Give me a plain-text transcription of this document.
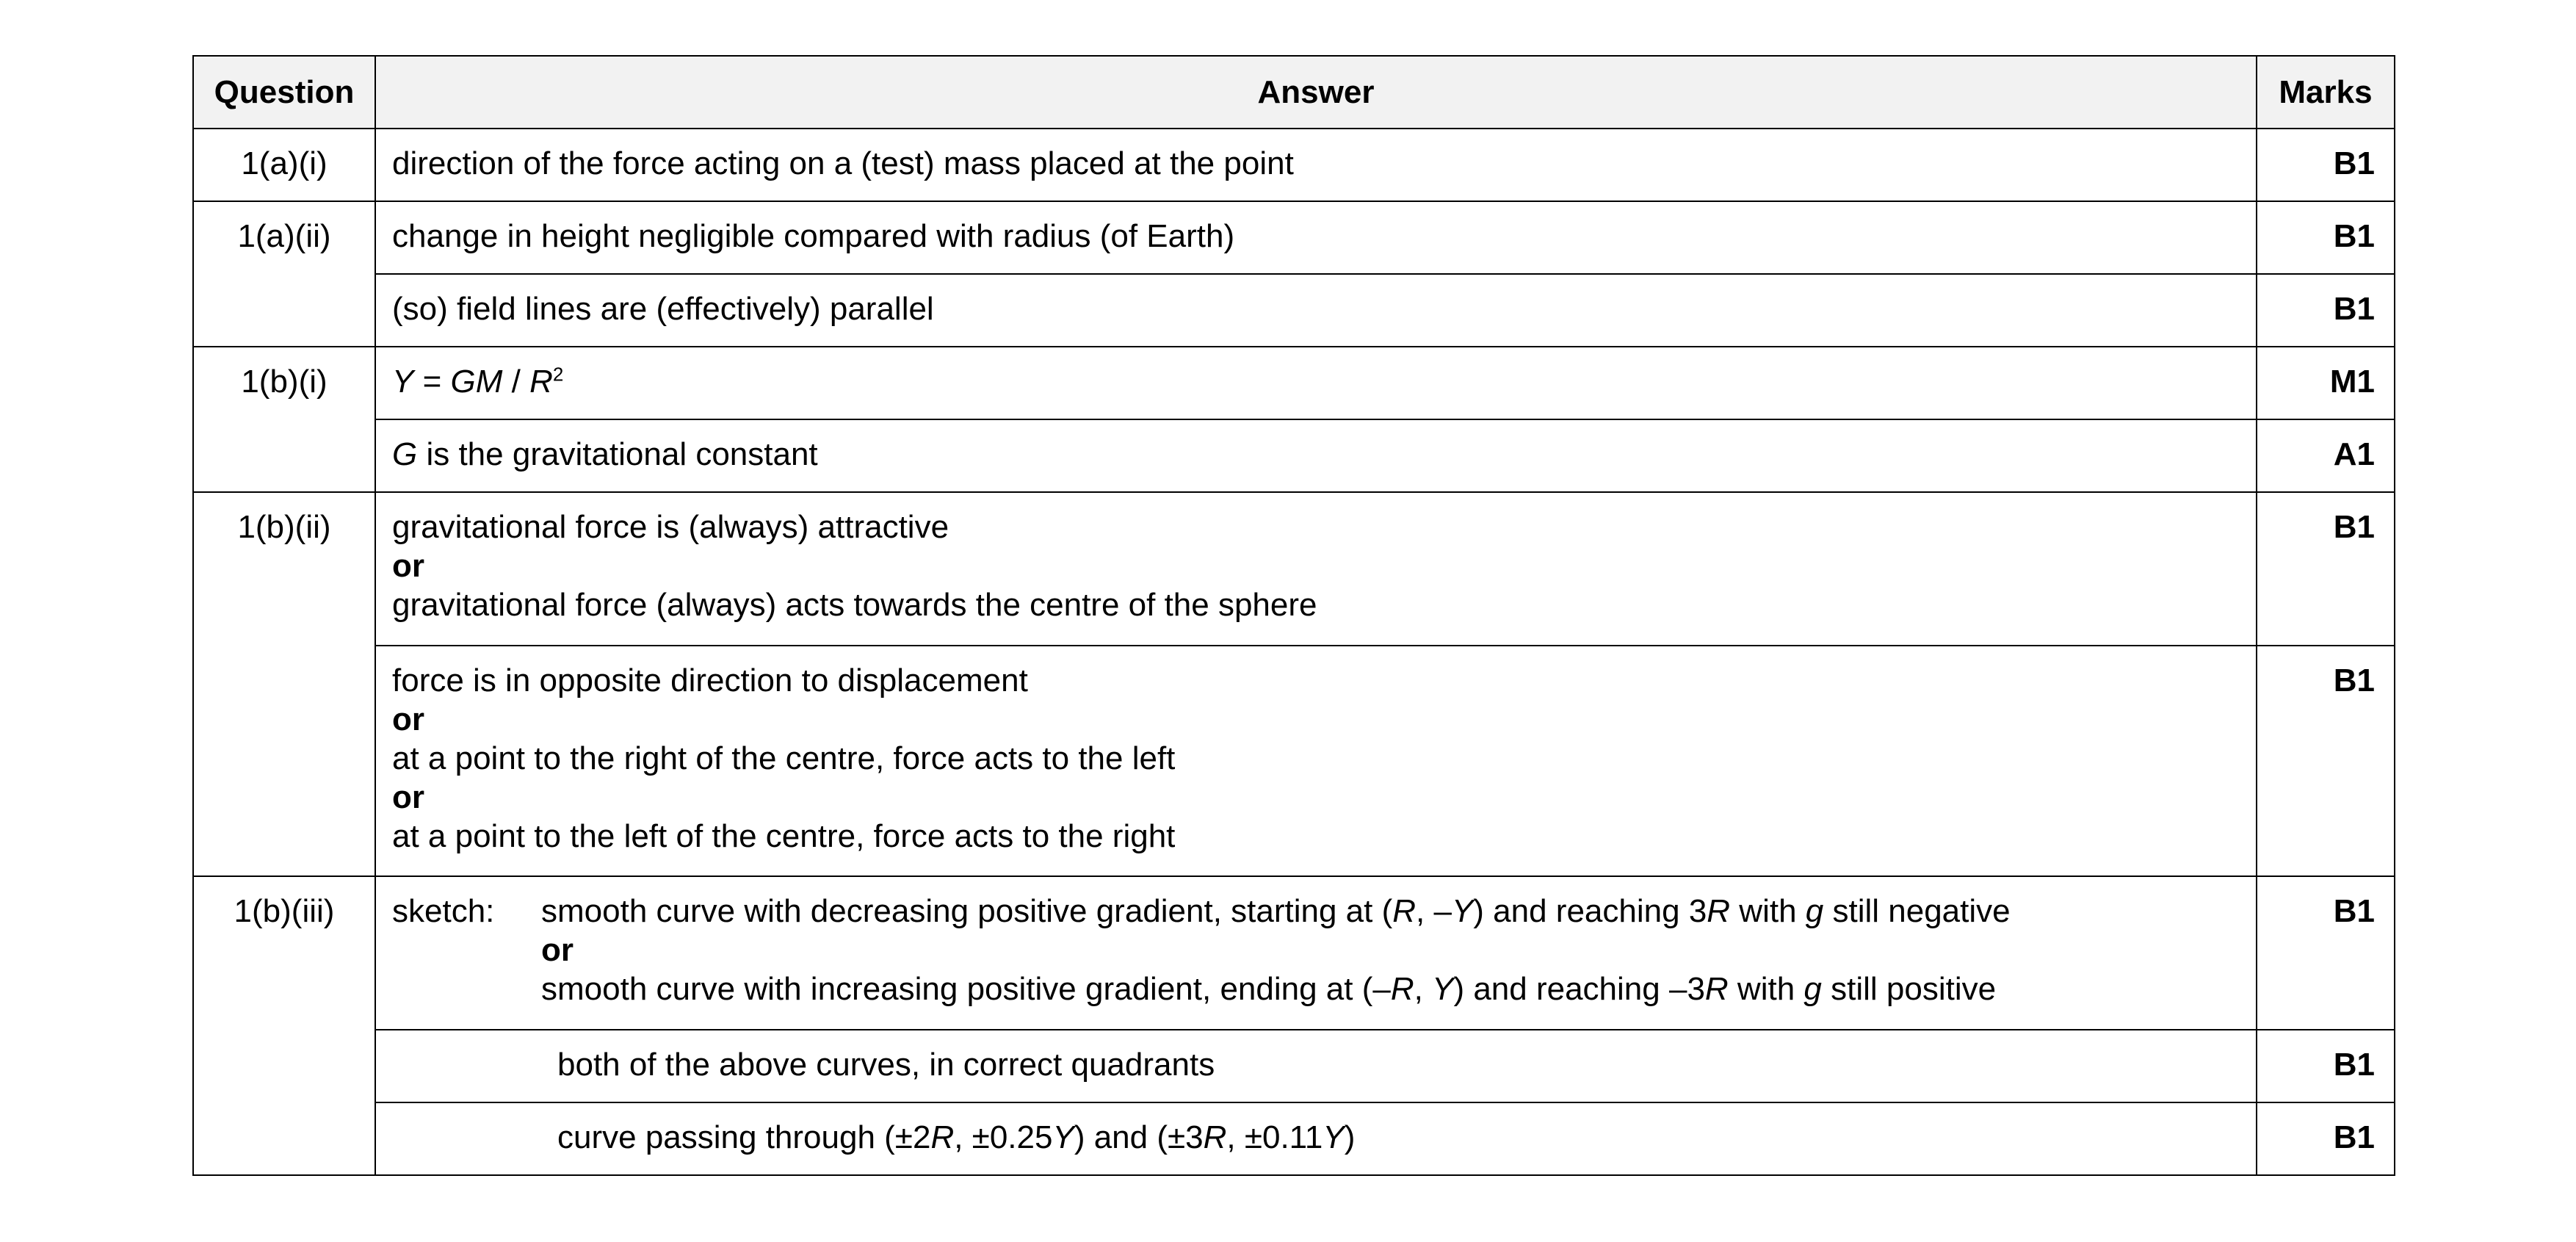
Question	Answer	Marks
1(a)(i)	direction of the force acting on a (test) mass placed at the point	B1
1(a)(ii)	change in height negligible compared with radius (of Earth)	B1
	(so) field lines are (effectively) parallel	B1
1(b)(i)	Y = GM / $R^2$	M1
	G is the gravitational constant	A1
1(b)(ii)	gravitational force is (always) attractive
or
gravitational force (always) acts towards the centre of the sphere	B1

	force is in opposite direction to displacement
or
at a point to the right of the centre, force acts to the left
or
at a point to the left of the centre, force acts to the right	B1
1(b)(iii)	sketch: smooth curve with decreasing positive gradient, starting at (R, –Y) and reaching 3R with g still negative
or
smooth curve with increasing positive gradient, ending at (–R, Y) and reaching –3R with g still positive	B1

	both of the above curves, in correct quadrants	B1

	curve passing through (±2R, ±0.25Y) and (±3R, ±0.11Y)	B1
